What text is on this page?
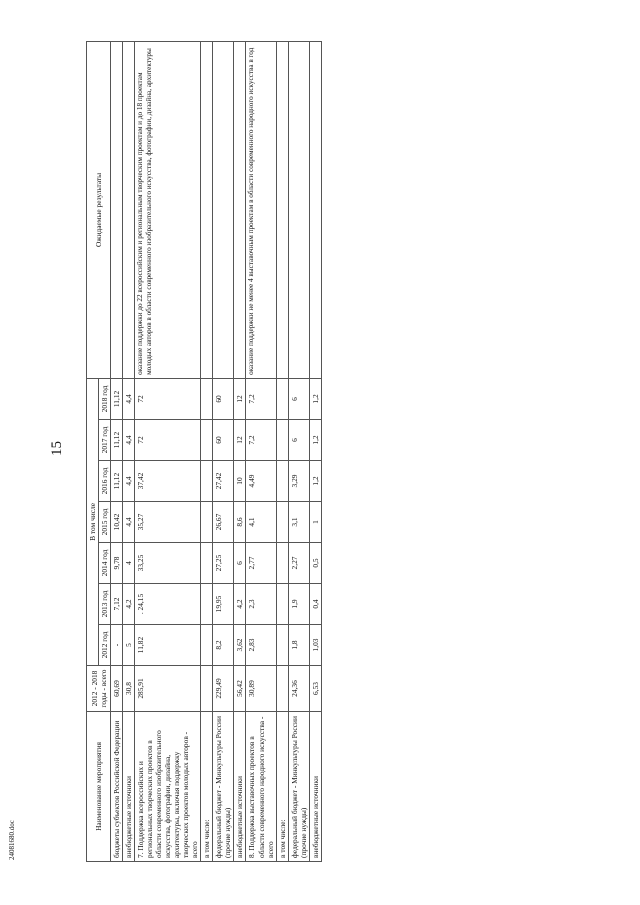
15
2408​1680.doc
Наименование мероприятия	2012 - 2018 годы - всего	В том числе							Ожидаемые результаты
		2012 год	2013 год	2014 год	2015 год	2016 год	2017 год	2018 год	
бюджеты субъектов Российской Федерации	60,69	-	7,12	9,78	10,42	11,12	11,12	11,12	
внебюджетные источники	30,8	5	4,2	4	4,4	4,4	4,4	4,4	
7. Поддержка всероссийских и региональных творческих проектов в области современного изобразительного искусства, фотографии, дизайна, архитектуры, включая поддержку творческих проектов молодых авторов - всего	285,91	11,82	. 24,15	33,25	35,27	37,42	72	72	оказание поддержки до 22 всероссийским и региональным творческим проектам и до 18 проектам молодых авторов в области современного изобразительного искусства, фотографии, дизайна, архитектуры
в том числе:									
федеральный бюджет - Минкультуры России (прочие нужды)	229,49	8,2	19,95	27,25	26,67	27,42	60	60	
внебюджетные источники	56,42	3,62	4,2	6	8,6	10	12	12	
8. Поддержка выставочных проектов в области современного народного искусства - всего	30,89	2,83	2,3	2,77	4,1	4,49	7,2	7,2	оказание поддержки не менее 4 выставочным проектам в области современного народного искусства в год
в том числе:									
федеральный бюджет - Минкультуры России (прочие нужды)	24,36	1,8	1,9	2,27	3,1	3,29	6	6	
внебюджетные источники	6,53	1,03	0,4	0,5	1	1,2	1,2	1,2	
